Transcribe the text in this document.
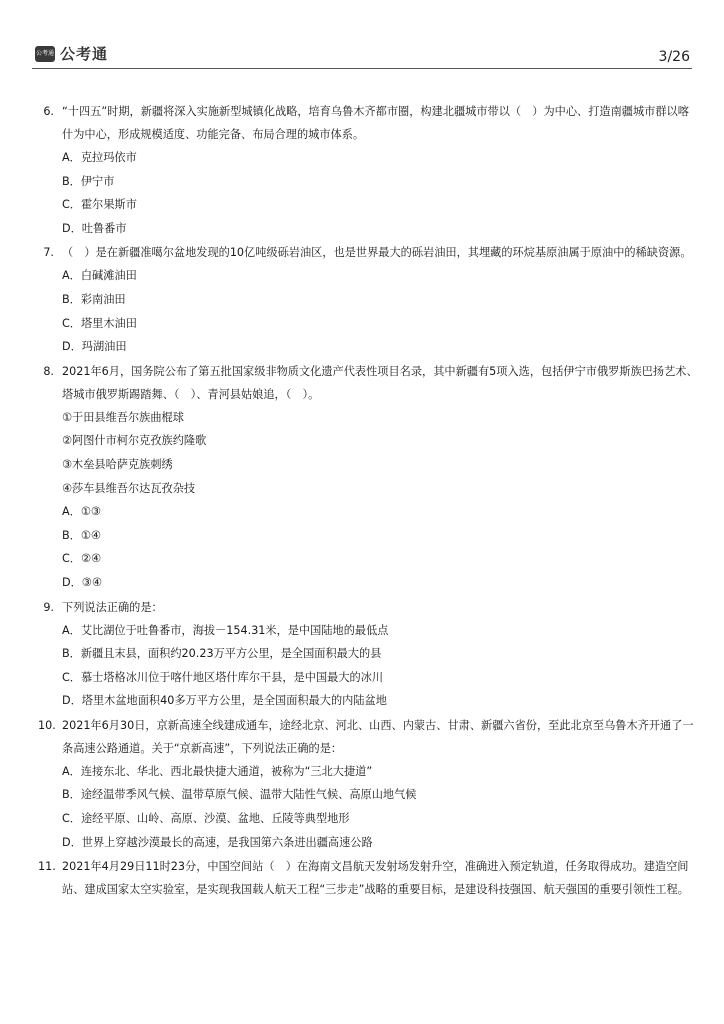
公考通 公考通	3/26
6. “十四五”时期，新疆将深入实施新型城镇化战略，培育乌鲁木齐都市圈，构建北疆城市带以（　）为中心、打造南疆城市群以喀什为中心，形成规模适度、功能完备、布局合理的城市体系。

A．克拉玛依市
B．伊宁市
C．霍尔果斯市
D．吐鲁番市
7. （　）是在新疆准噶尔盆地发现的10亿吨级砾岩油区，也是世界最大的砾岩油田，其埋藏的环烷基原油属于原油中的稀缺资源。

A．白碱滩油田
B．彩南油田
C．塔里木油田
D．玛湖油田
8. 2021年6月，国务院公布了第五批国家级非物质文化遗产代表性项目名录，其中新疆有5项入选，包括伊宁市俄罗斯族巴扬艺术、塔城市俄罗斯踢踏舞、（　）、青河县姑娘追，（　）。

①于田县维吾尔族曲棍球
②阿图什市柯尔克孜族约隆歌
③木垒县哈萨克族刺绣
④莎车县维吾尔达瓦孜杂技
A．①③
B．①④
C．②④
D．③④
9. 下列说法正确的是：

A．艾比湖位于吐鲁番市，海拔－154.31米，是中国陆地的最低点
B．新疆且末县，面积约20.23万平方公里，是全国面积最大的县
C．慕士塔格冰川位于喀什地区塔什库尔干县，是中国最大的冰川
D．塔里木盆地面积40多万平方公里，是全国面积最大的内陆盆地
10. 2021年6月30日，京新高速全线建成通车，途经北京、河北、山西、内蒙古、甘肃、新疆六省份，至此北京至乌鲁木齐开通了一条高速公路通道。关于“京新高速”，下列说法正确的是：

A．连接东北、华北、西北最快捷大通道，被称为“三北大捷道”
B．途经温带季风气候、温带草原气候、温带大陆性气候、高原山地气候
C．途经平原、山岭、高原、沙漠、盆地、丘陵等典型地形
D．世界上穿越沙漠最长的高速，是我国第六条进出疆高速公路
11. 2021年4月29日11时23分，中国空间站（　）在海南文昌航天发射场发射升空，准确进入预定轨道，任务取得成功。建造空间站、建成国家太空实验室，是实现我国载人航天工程“三步走”战略的重要目标，是建设科技强国、航天强国的重要引领性工程。
